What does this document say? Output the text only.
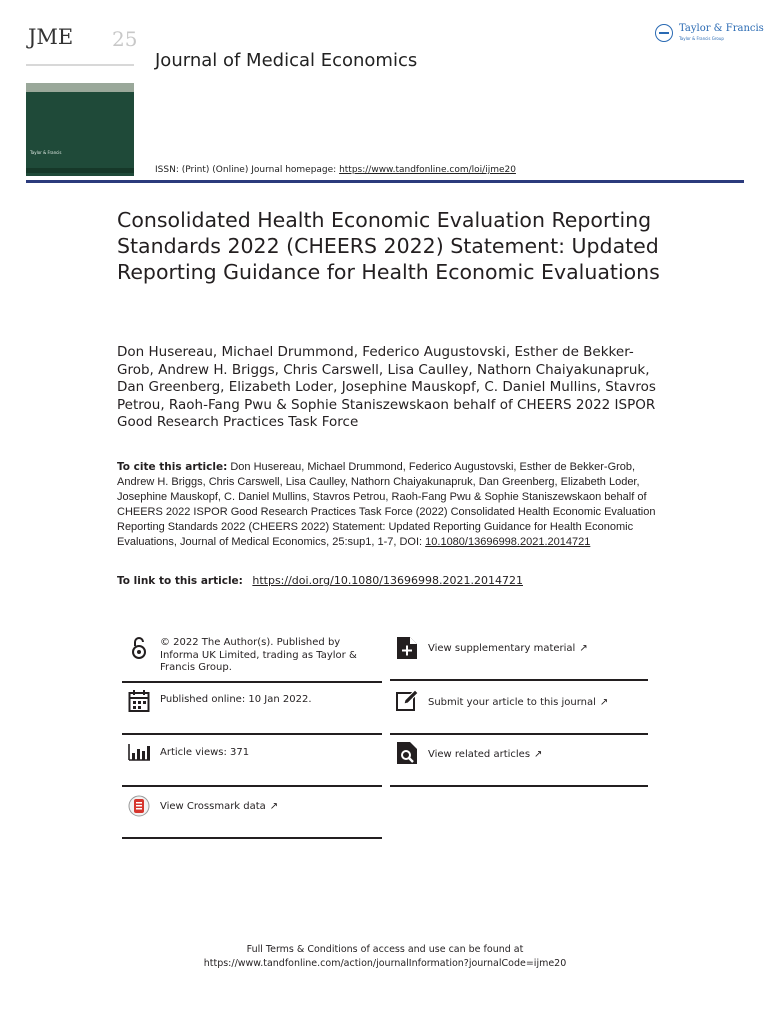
JME 25
Taylor & Francis
Journal of Medical Economics
Taylor & Francis
Taylor & Francis Group
ISSN: (Print) (Online) Journal homepage: https://www.tandfonline.com/loi/ijme20
Consolidated Health Economic Evaluation Reporting Standards 2022 (CHEERS 2022) Statement: Updated Reporting Guidance for Health Economic Evaluations
Don Husereau, Michael Drummond, Federico Augustovski, Esther de Bekker-Grob, Andrew H. Briggs, Chris Carswell, Lisa Caulley, Nathorn Chaiyakunapruk, Dan Greenberg, Elizabeth Loder, Josephine Mauskopf, C. Daniel Mullins, Stavros Petrou, Raoh-Fang Pwu & Sophie Staniszewskaon behalf of CHEERS 2022 ISPOR Good Research Practices Task Force
To cite this article: Don Husereau, Michael Drummond, Federico Augustovski, Esther de Bekker-Grob, Andrew H. Briggs, Chris Carswell, Lisa Caulley, Nathorn Chaiyakunapruk, Dan Greenberg, Elizabeth Loder, Josephine Mauskopf, C. Daniel Mullins, Stavros Petrou, Raoh-Fang Pwu & Sophie Staniszewskaon behalf of CHEERS 2022 ISPOR Good Research Practices Task Force (2022) Consolidated Health Economic Evaluation Reporting Standards 2022 (CHEERS 2022) Statement: Updated Reporting Guidance for Health Economic Evaluations, Journal of Medical Economics, 25:sup1, 1-7, DOI: 10.1080/13696998.2021.2014721
To link to this article: https://doi.org/10.1080/13696998.2021.2014721
© 2022 The Author(s). Published by Informa UK Limited, trading as Taylor & Francis Group.
Published online: 10 Jan 2022.
Article views: 371
View Crossmark data ↗
View supplementary material ↗
Submit your article to this journal ↗
View related articles ↗
Full Terms & Conditions of access and use can be found at
https://www.tandfonline.com/action/journalInformation?journalCode=ijme20
